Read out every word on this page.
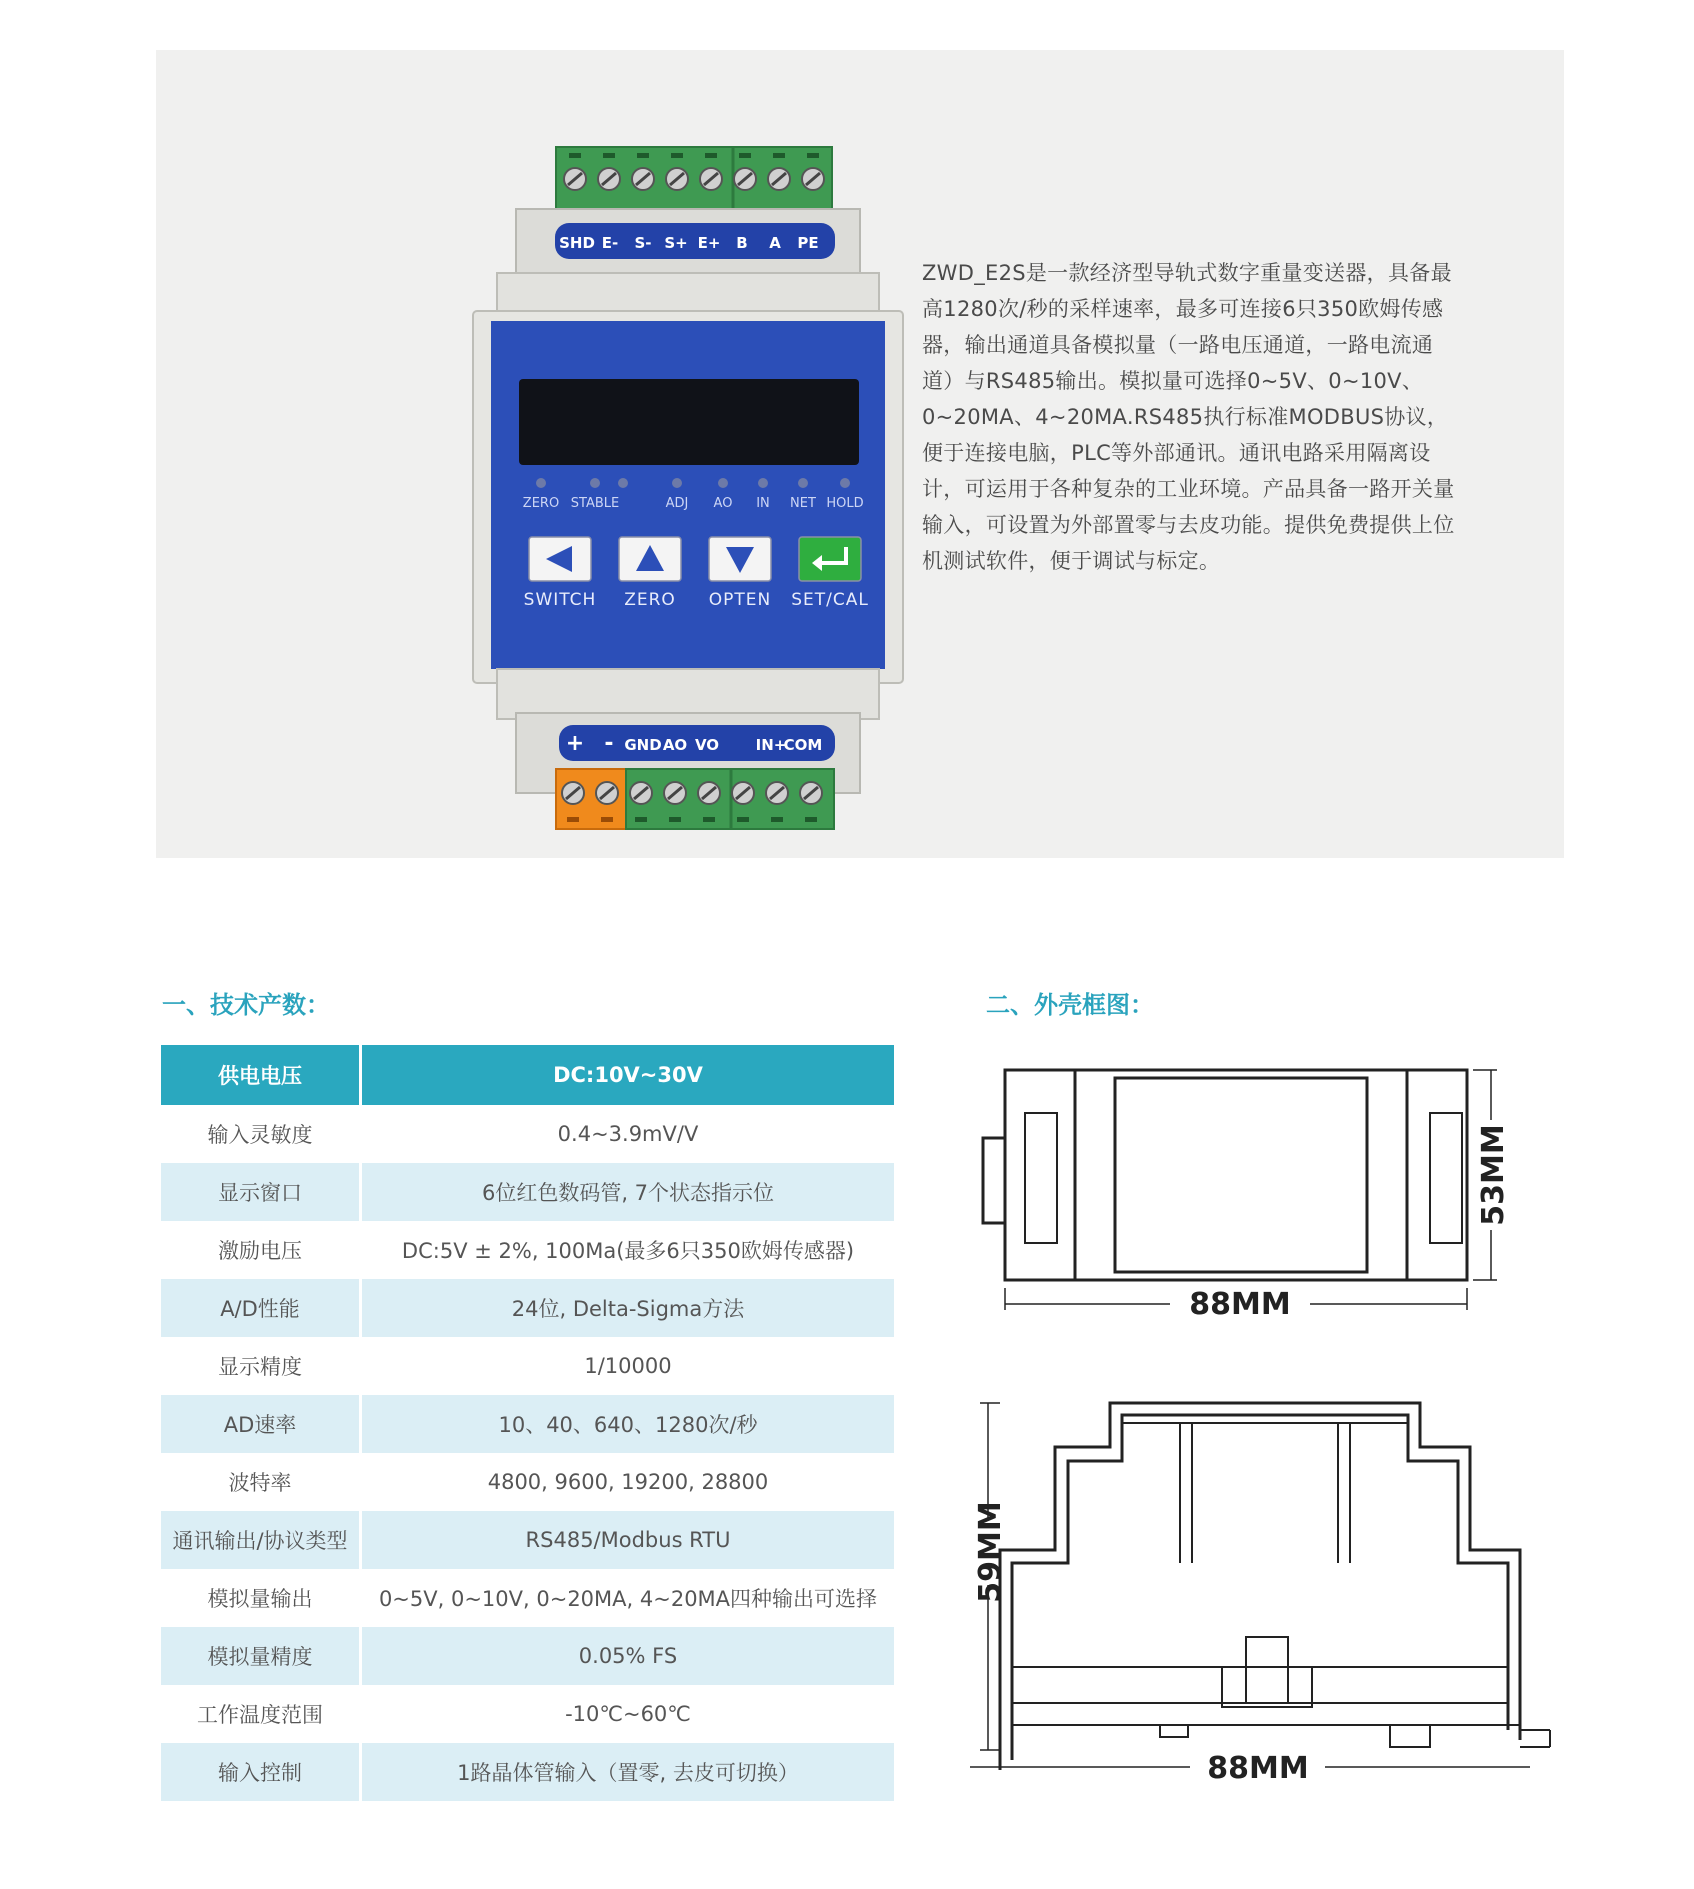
SHD E- S- S+ E+ B A PE
ZERO STABLE	ADJ AO IN NET HOLD
SWITCH ZERO OPTEN SET/CAL
+ - GND AO VO IN+
COM

ZWD_E2S是一款经济型导轨式数字重量变送器，具备最高1280次/秒的采样速率，最多可连接6只350欧姆传感器，输出通道具备模拟量（一路电压通道，一路电流通道）与RS485输出。模拟量可选择0~5V、0~10V、0~20MA、4~20MA.RS485执行标准MODBUS协议，便于连接电脑，PLC等外部通讯。通讯电路采用隔离设计，可运用于各种复杂的工业环境。产品具备一路开关量输入，可设置为外部置零与去皮功能。提供免费提供上位机测试软件，便于调试与标定。

一、技术产数：	二、外壳框图：
供电电压	DC:10V~30V
输入灵敏度	0.4~3.9mV/V
显示窗口	6位红色数码管, 7个状态指示位
激励电压	DC:5V ± 2%, 100Ma(最多6只350欧姆传感器)
A/D性能	24位, Delta-Sigma方法
显示精度	1/10000
AD速率	10、40、640、1280次/秒
波特率	4800, 9600, 19200, 28800
通讯输出/协议类型	RS485/Modbus RTU
模拟量输出	0~5V, 0~10V, 0~20MA, 4~20MA四种输出可选择
模拟量精度	0.05% FS
工作温度范围	-10℃~60℃
输入控制	1路晶体管输入（置零, 去皮可切换）
88MM
53MM
88MM
59MM
